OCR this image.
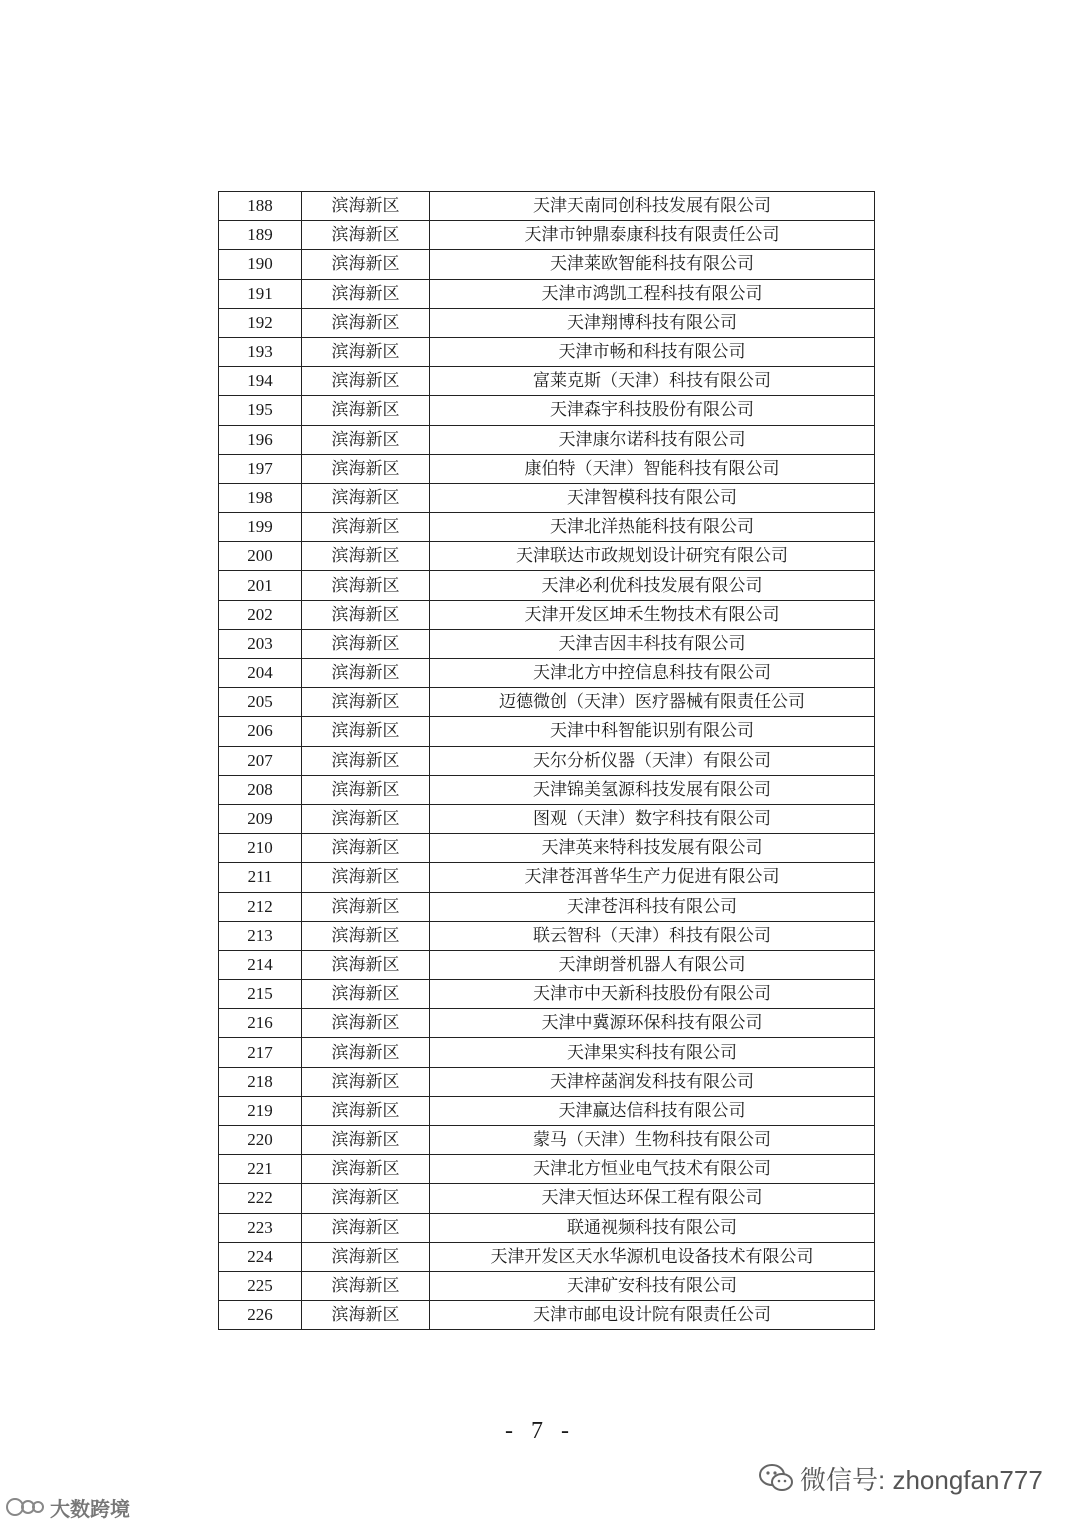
188	滨海新区	天津天南同创科技发展有限公司
189	滨海新区	天津市钟鼎泰康科技有限责任公司
190	滨海新区	天津莱欧智能科技有限公司
191	滨海新区	天津市鸿凯工程科技有限公司
192	滨海新区	天津翔博科技有限公司
193	滨海新区	天津市畅和科技有限公司
194	滨海新区	富莱克斯（天津）科技有限公司
195	滨海新区	天津森宇科技股份有限公司
196	滨海新区	天津康尔诺科技有限公司
197	滨海新区	康伯特（天津）智能科技有限公司
198	滨海新区	天津智模科技有限公司
199	滨海新区	天津北洋热能科技有限公司
200	滨海新区	天津联达市政规划设计研究有限公司
201	滨海新区	天津必利优科技发展有限公司
202	滨海新区	天津开发区坤禾生物技术有限公司
203	滨海新区	天津吉因丰科技有限公司
204	滨海新区	天津北方中控信息科技有限公司
205	滨海新区	迈德微创（天津）医疗器械有限责任公司
206	滨海新区	天津中科智能识别有限公司
207	滨海新区	天尔分析仪器（天津）有限公司
208	滨海新区	天津锦美氢源科技发展有限公司
209	滨海新区	图观（天津）数字科技有限公司
210	滨海新区	天津英来特科技发展有限公司
211	滨海新区	天津苍洱普华生产力促进有限公司
212	滨海新区	天津苍洱科技有限公司
213	滨海新区	联云智科（天津）科技有限公司
214	滨海新区	天津朗誉机器人有限公司
215	滨海新区	天津市中天新科技股份有限公司
216	滨海新区	天津中冀源环保科技有限公司
217	滨海新区	天津果实科技有限公司
218	滨海新区	天津梓菡润发科技有限公司
219	滨海新区	天津赢达信科技有限公司
220	滨海新区	蒙马（天津）生物科技有限公司
221	滨海新区	天津北方恒业电气技术有限公司
222	滨海新区	天津天恒达环保工程有限公司
223	滨海新区	联通视频科技有限公司
224	滨海新区	天津开发区天水华源机电设备技术有限公司
225	滨海新区	天津矿安科技有限公司
226	滨海新区	天津市邮电设计院有限责任公司
- 7 -
微信号: zhongfan777
大数跨境
